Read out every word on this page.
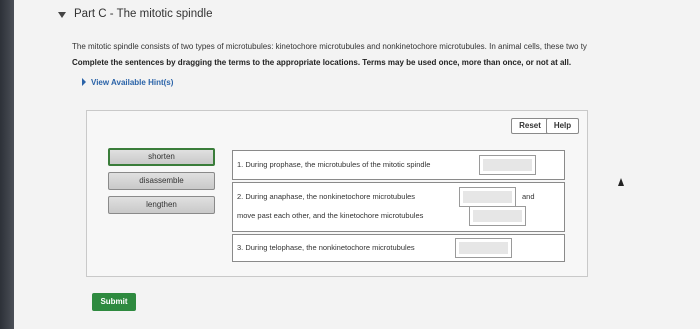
Part C - The mitotic spindle
The mitotic spindle consists of two types of microtubules: kinetochore microtubules and nonkinetochore microtubules. In animal cells, these two ty
Complete the sentences by dragging the terms to the appropriate locations. Terms may be used once, more than once, or not at all.
View Available Hint(s)
Reset	Help
shorten
disassemble
lengthen
1. During prophase, the microtubules of the mitotic spindle
2. During anaphase, the nonkinetochore microtubules	and
move past each other, and the kinetochore microtubules
3. During telophase, the nonkinetochore microtubules
Submit
